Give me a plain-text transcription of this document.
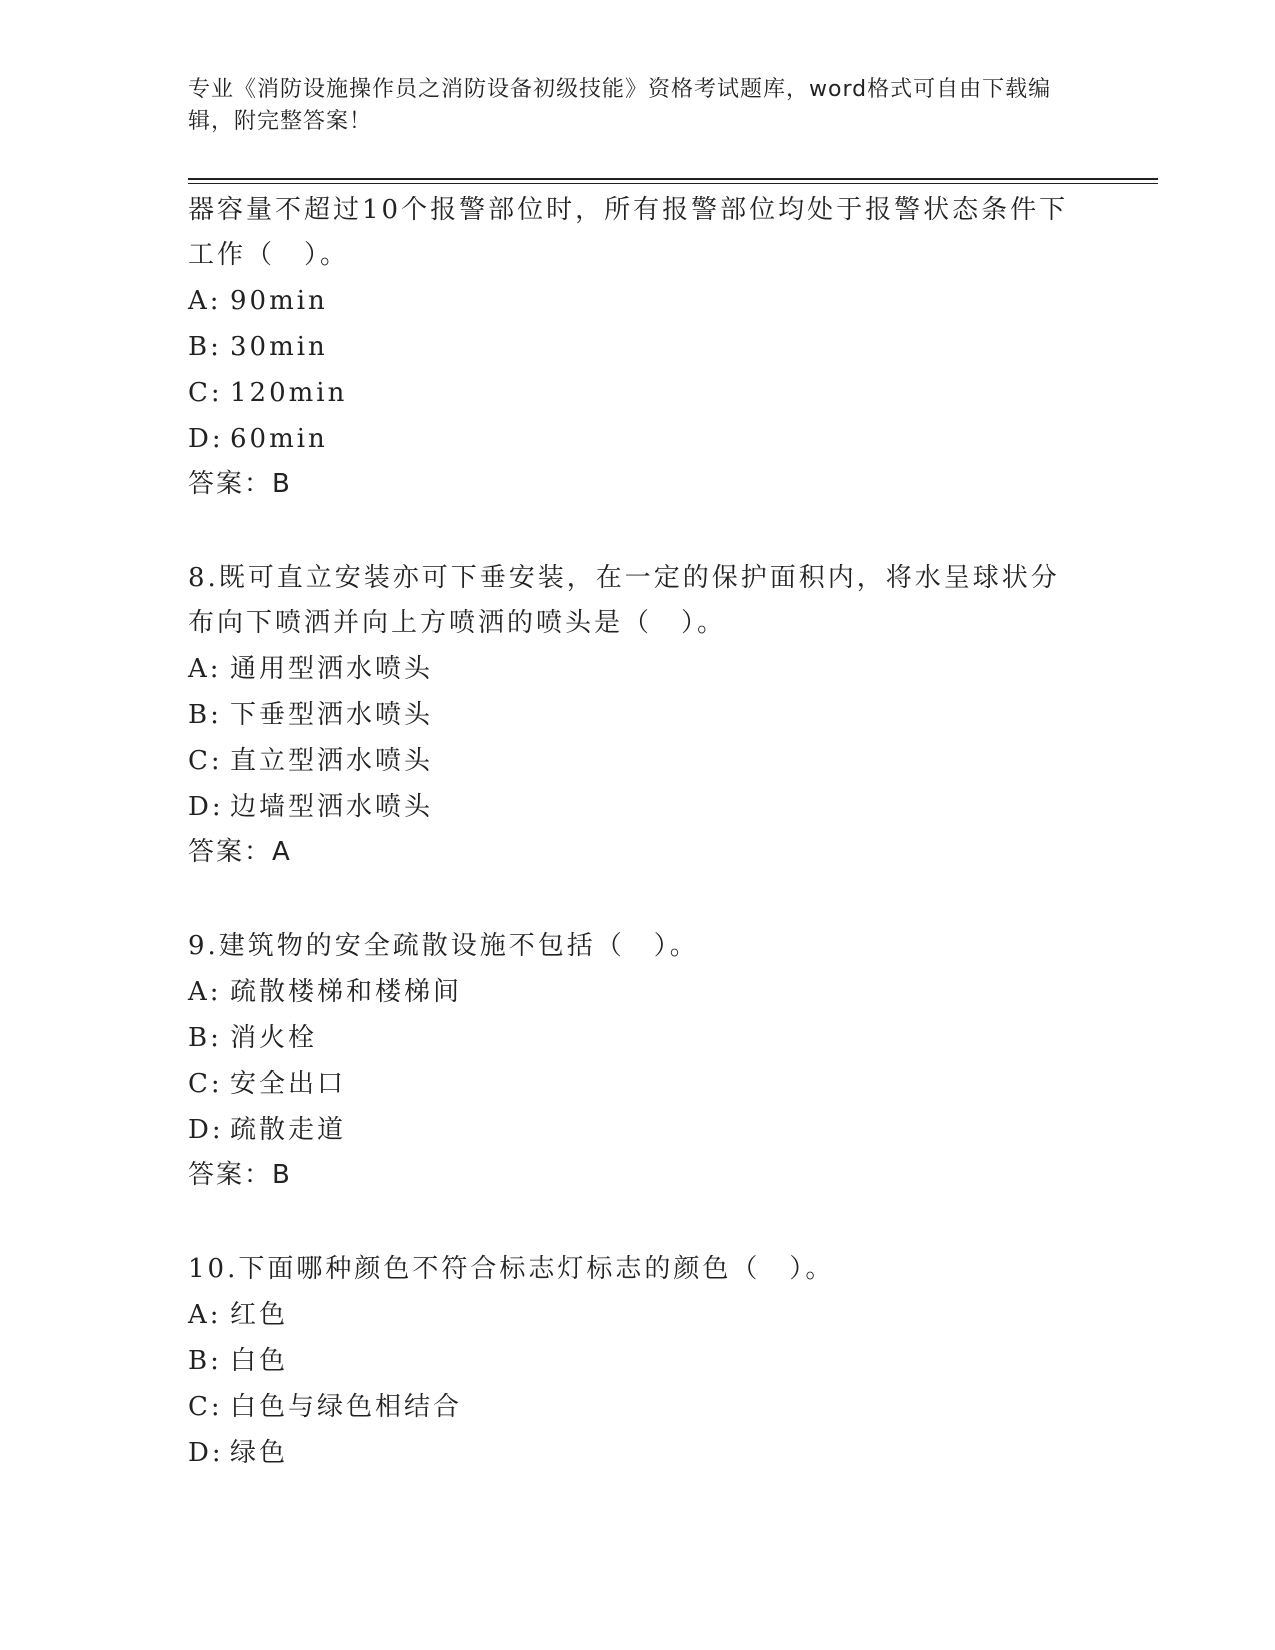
专业《消防设施操作员之消防设备初级技能》资格考试题库，word格式可自由下载编辑，附完整答案！
器容量不超过10个报警部位时，所有报警部位均处于报警状态条件下工作（　）。
A: 90min
B: 30min
C: 120min
D: 60min
答案：B
8.既可直立安装亦可下垂安装，在一定的保护面积内，将水呈球状分布向下喷洒并向上方喷洒的喷头是（　）。
A: 通用型洒水喷头
B: 下垂型洒水喷头
C: 直立型洒水喷头
D: 边墙型洒水喷头
答案：A
9.建筑物的安全疏散设施不包括（　）。
A: 疏散楼梯和楼梯间
B: 消火栓
C: 安全出口
D: 疏散走道
答案：B
10.下面哪种颜色不符合标志灯标志的颜色（　）。
A: 红色
B: 白色
C: 白色与绿色相结合
D: 绿色
